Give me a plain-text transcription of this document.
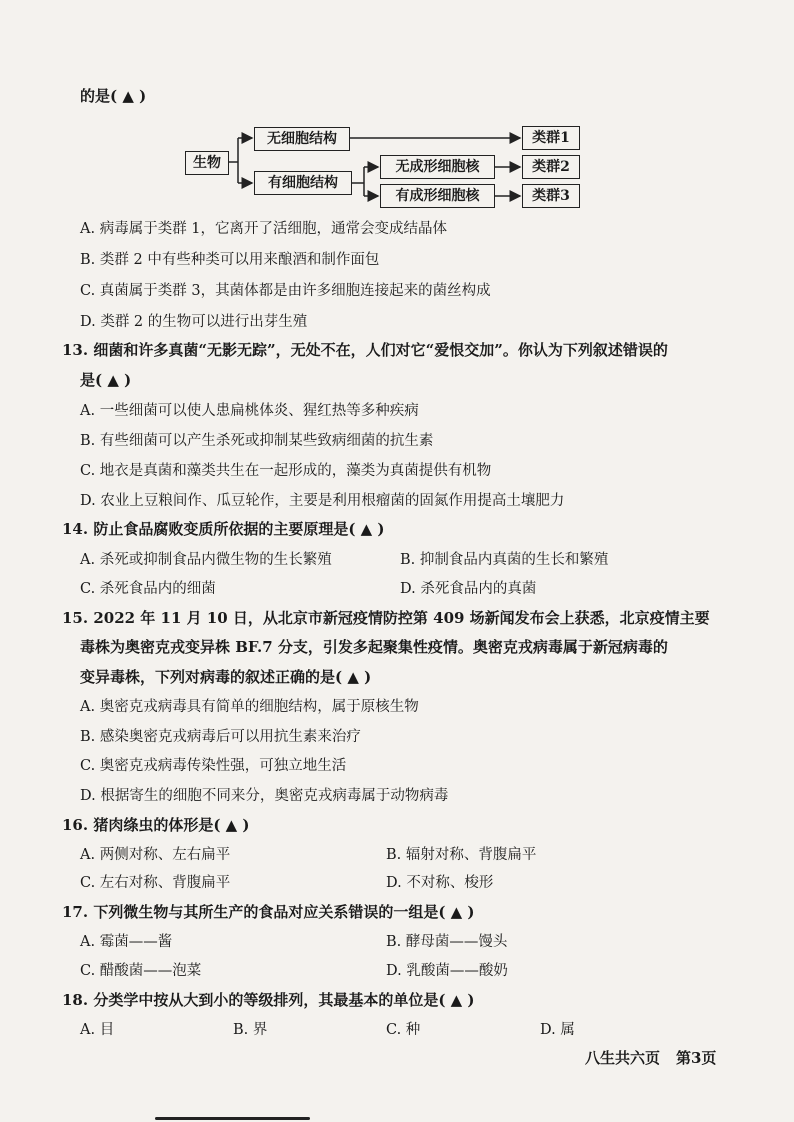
的是( ▲ )
生物
无细胞结构
有细胞结构
无成形细胞核
有成形细胞核
类群1
类群2
类群3
A. 病毒属于类群 1，它离开了活细胞，通常会变成结晶体
B. 类群 2 中有些种类可以用来酿酒和制作面包
C. 真菌属于类群 3，其菌体都是由许多细胞连接起来的菌丝构成
D. 类群 2 的生物可以进行出芽生殖
13. 细菌和许多真菌“无影无踪”，无处不在，人们对它“爱恨交加”。你认为下列叙述错误的
是( ▲ )
A. 一些细菌可以使人患扁桃体炎、猩红热等多种疾病
B. 有些细菌可以产生杀死或抑制某些致病细菌的抗生素
C. 地衣是真菌和藻类共生在一起形成的，藻类为真菌提供有机物
D. 农业上豆粮间作、瓜豆轮作，主要是利用根瘤菌的固氮作用提高土壤肥力
14. 防止食品腐败变质所依据的主要原理是( ▲ )
A. 杀死或抑制食品内微生物的生长繁殖	B. 抑制食品内真菌的生长和繁殖
C. 杀死食品内的细菌	D. 杀死食品内的真菌
15. 2022 年 11 月 10 日，从北京市新冠疫情防控第 409 场新闻发布会上获悉，北京疫情主要
毒株为奥密克戎变异株 BF.7 分支，引发多起聚集性疫情。奥密克戎病毒属于新冠病毒的
变异毒株，下列对病毒的叙述正确的是( ▲ )
A. 奥密克戎病毒具有简单的细胞结构，属于原核生物
B. 感染奥密克戎病毒后可以用抗生素来治疗
C. 奥密克戎病毒传染性强，可独立地生活
D. 根据寄生的细胞不同来分，奥密克戎病毒属于动物病毒
16. 猪肉绦虫的体形是( ▲ )
A. 两侧对称、左右扁平	B. 辐射对称、背腹扁平
C. 左右对称、背腹扁平	D. 不对称、梭形
17. 下列微生物与其所生产的食品对应关系错误的一组是( ▲ )
A. 霉菌——酱	B. 酵母菌——馒头
C. 醋酸菌——泡菜	D. 乳酸菌——酸奶
18. 分类学中按从大到小的等级排列，其最基本的单位是( ▲ )
A. 目	B. 界	C. 种	D. 属
八生共六页 第3页
